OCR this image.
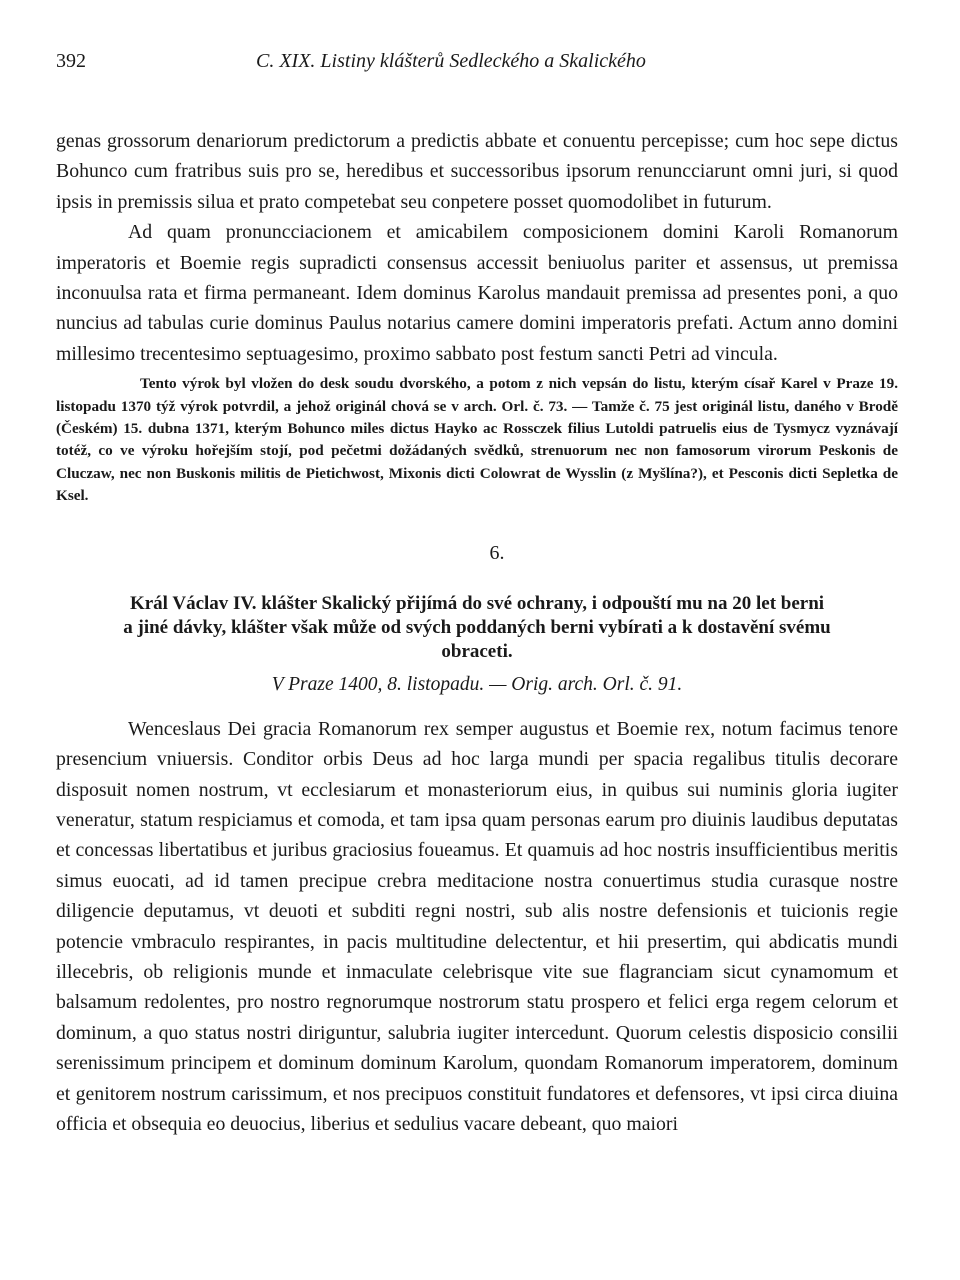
392	C. XIX. Listiny klášterů Sedleckého a Skalického

genas grossorum denariorum predictorum a predictis abbate et conuentu percepisse; cum hoc sepe dictus Bohunco cum fratribus suis pro se, heredibus et successoribus ipsorum renuncciarunt omni juri, si quod ipsis in premissis silua et prato competebat seu conpetere posset quomodolibet in futurum.

Ad quam pronuncciacionem et amicabilem composicionem domini Karoli Romanorum imperatoris et Boemie regis supradicti consensus accessit beniuolus pariter et assensus, ut premissa inconuulsa rata et firma permaneant. Idem dominus Karolus mandauit premissa ad presentes poni, a quo nuncius ad tabulas curie dominus Paulus notarius camere domini imperatoris prefati. Actum anno domini millesimo trecentesimo septuagesimo, proximo sabbato post festum sancti Petri ad vincula.

Tento výrok byl vložen do desk soudu dvorského, a potom z nich vepsán do listu, kterým císař Karel v Praze 19. listopadu 1370 týž výrok potvrdil, a jehož originál chová se v arch. Orl. č. 73. — Tamže č. 75 jest originál listu, daného v Brodě (Českém) 15. dubna 1371, kterým Bohunco miles dictus Hayko ac Rossczek filius Lutoldi patruelis eius de Tysmycz vyznávají totéž, co ve výroku hořejším stojí, pod pečetmi dožádaných svědků, strenuorum nec non famosorum virorum Peskonis de Cluczaw, nec non Buskonis militis de Pietichwost, Mixonis dicti Colowrat de Wysslin (z Myšlína?), et Pesconis dicti Sepletka de Ksel.

6.
Král Václav IV. klášter Skalický přijímá do své ochrany, i odpouští mu na 20 let berni
a jiné dávky, klášter však může od svých poddaných berni vybírati a k dostavění svému
obraceti.
V Praze 1400, 8. listopadu. — Orig. arch. Orl. č. 91.

Wenceslaus Dei gracia Romanorum rex semper augustus et Boemie rex, notum facimus tenore presencium vniuersis. Conditor orbis Deus ad hoc larga mundi per spacia regalibus titulis decorare disposuit nomen nostrum, vt ecclesiarum et monasteriorum eius, in quibus sui numinis gloria iugiter veneratur, statum respiciamus et comoda, et tam ipsa quam personas earum pro diuinis laudibus deputatas et concessas libertatibus et juribus graciosius foueamus. Et quamuis ad hoc nostris insufficientibus meritis simus euocati, ad id tamen precipue crebra meditacione nostra conuertimus studia curasque nostre diligencie deputamus, vt deuoti et subditi regni nostri, sub alis nostre defensionis et tuicionis regie potencie vmbraculo respirantes, in pacis multitudine delectentur, et hii presertim, qui abdicatis mundi illecebris, ob religionis munde et inmaculate celebrisque vite sue flagranciam sicut cynamomum et balsamum redolentes, pro nostro regnorumque nostrorum statu prospero et felici erga regem celorum et dominum, a quo status nostri diriguntur, salubria iugiter intercedunt. Quorum celestis disposicio consilii serenissimum principem et dominum dominum Karolum, quondam Romanorum imperatorem, dominum et genitorem nostrum carissimum, et nos precipuos constituit fundatores et defensores, vt ipsi circa diuina officia et obsequia eo deuocius, liberius et sedulius vacare debeant, quo maiori
